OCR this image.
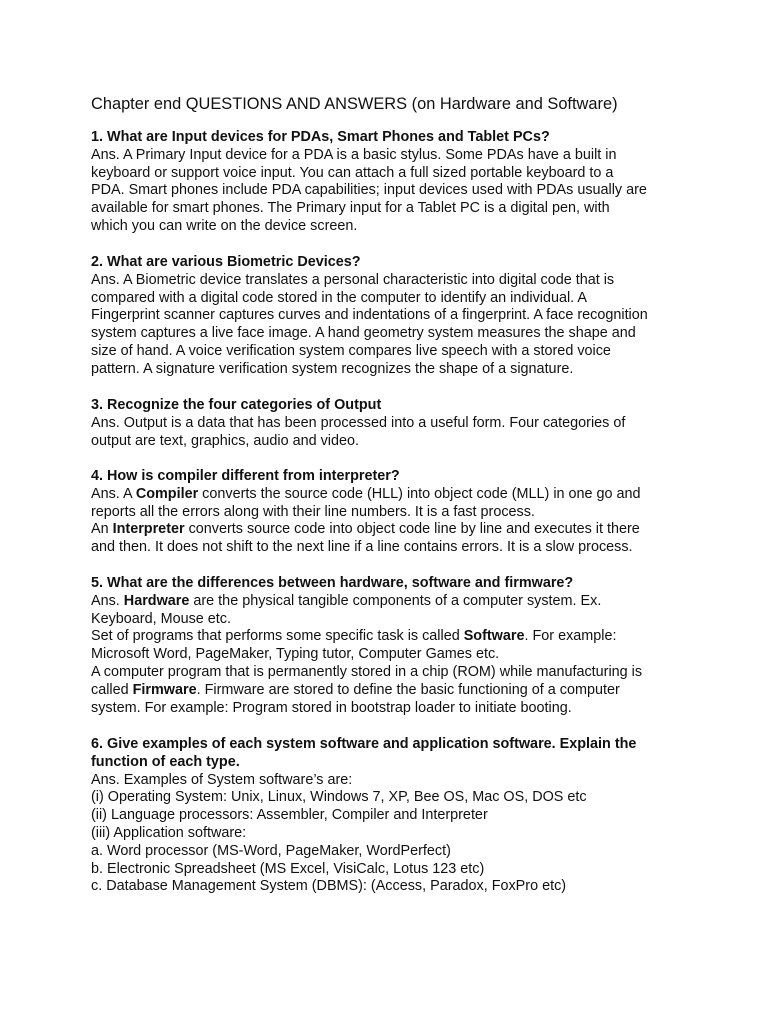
Chapter end QUESTIONS AND ANSWERS (on Hardware and Software)

1. What are Input devices for PDAs, Smart Phones and Tablet PCs?

Ans. A Primary Input device for a PDA is a basic stylus. Some PDAs have a built in

keyboard or support voice input. You can attach a full sized portable keyboard to a

PDA. Smart phones include PDA capabilities; input devices used with PDAs usually are

available for smart phones. The Primary input for a Tablet PC is a digital pen, with

which you can write on the device screen.

2. What are various Biometric Devices?

Ans. A Biometric device translates a personal characteristic into digital code that is

compared with a digital code stored in the computer to identify an individual. A

Fingerprint scanner captures curves and indentations of a fingerprint. A face recognition

system captures a live face image. A hand geometry system measures the shape and

size of hand. A voice verification system compares live speech with a stored voice

pattern. A signature verification system recognizes the shape of a signature.

3. Recognize the four categories of Output

Ans. Output is a data that has been processed into a useful form. Four categories of

output are text, graphics, audio and video.

4. How is compiler different from interpreter?

Ans. A Compiler converts the source code (HLL) into object code (MLL) in one go and

reports all the errors along with their line numbers. It is a fast process.

An Interpreter converts source code into object code line by line and executes it there

and then. It does not shift to the next line if a line contains errors. It is a slow process.

5. What are the differences between hardware, software and firmware?

Ans. Hardware are the physical tangible components of a computer system. Ex.

Keyboard, Mouse etc.

Set of programs that performs some specific task is called Software. For example:

Microsoft Word, PageMaker, Typing tutor, Computer Games etc.

A computer program that is permanently stored in a chip (ROM) while manufacturing is

called Firmware. Firmware are stored to define the basic functioning of a computer

system. For example: Program stored in bootstrap loader to initiate booting.

6. Give examples of each system software and application software. Explain the

function of each type.

Ans. Examples of System software’s are:

(i) Operating System: Unix, Linux, Windows 7, XP, Bee OS, Mac OS, DOS etc

(ii) Language processors: Assembler, Compiler and Interpreter

(iii) Application software:

a. Word processor (MS-Word, PageMaker, WordPerfect)

b. Electronic Spreadsheet (MS Excel, VisiCalc, Lotus 123 etc)

c. Database Management System (DBMS): (Access, Paradox, FoxPro etc)
